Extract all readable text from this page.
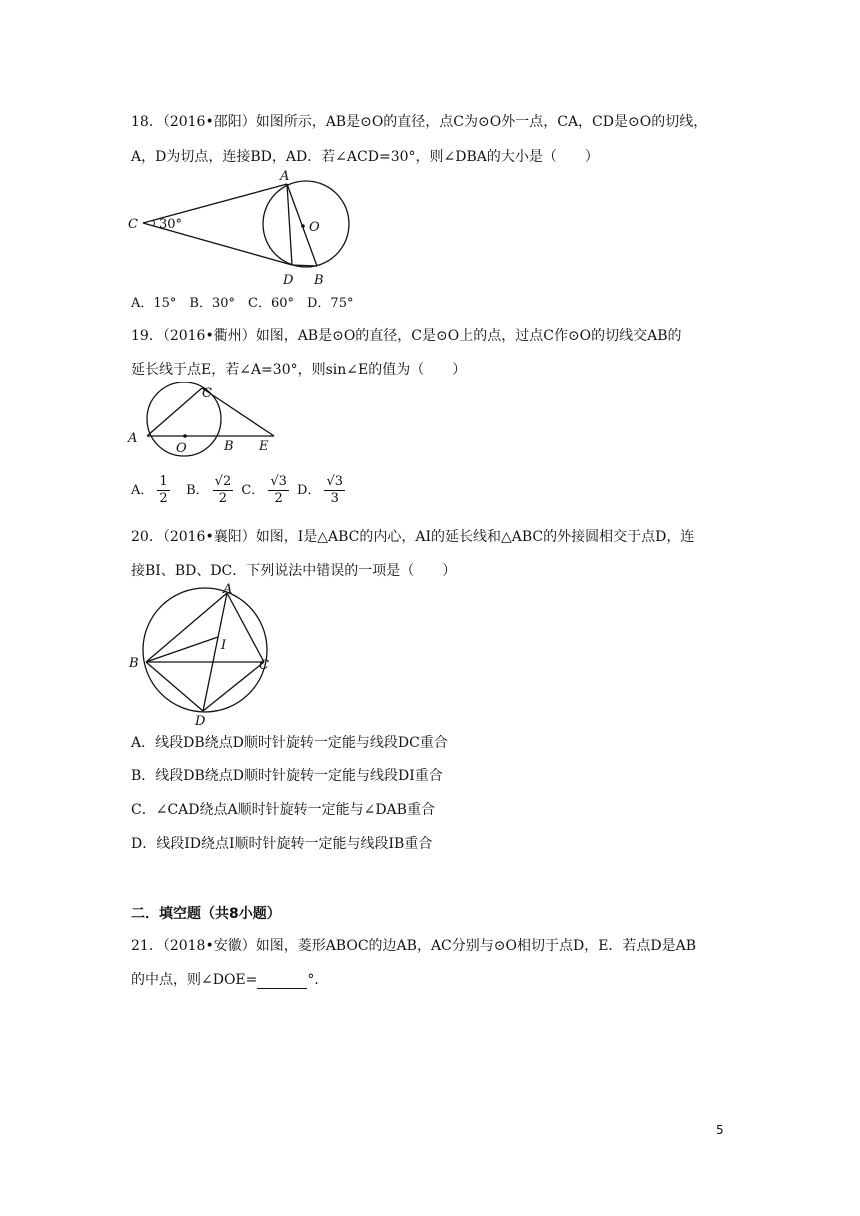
18．（2016•邵阳）如图所示，AB是⊙O的直径，点C为⊙O外一点，CA，CD是⊙O的切线，
A，D为切点，连接BD，AD．若∠ACD=30°，则∠DBA的大小是（　　）
A
C 30°	O
D B
A．15°　B．30°　C．60°　D．75°
19．（2016•衢州）如图，AB是⊙O的直径，C是⊙O上的点，过点C作⊙O的切线交AB的
延长线于点E，若∠A=30°，则sin∠E的值为（　　）
C
A
O	B E
A． $\frac{1}{2}$ B． √ $\frac{2}{2}$ C． √ $\frac{3}{2}$ D． √ $\frac{3}{3}$
20．（2016•襄阳）如图，I是△ABC的内心，AI的延长线和△ABC的外接圆相交于点D，连
接BI、BD、DC．下列说法中错误的一项是（　　）
A
I
B	C
D
A．线段DB绕点D顺时针旋转一定能与线段DC重合
B．线段DB绕点D顺时针旋转一定能与线段DI重合
C．∠CAD绕点A顺时针旋转一定能与∠DAB重合
D．线段ID绕点I顺时针旋转一定能与线段IB重合
二．填空题（共8小题）
21．（2018•安徽）如图，菱形ABOC的边AB，AC分别与⊙O相切于点D，E．若点D是AB
的中点，则∠DOE=	°．
5
